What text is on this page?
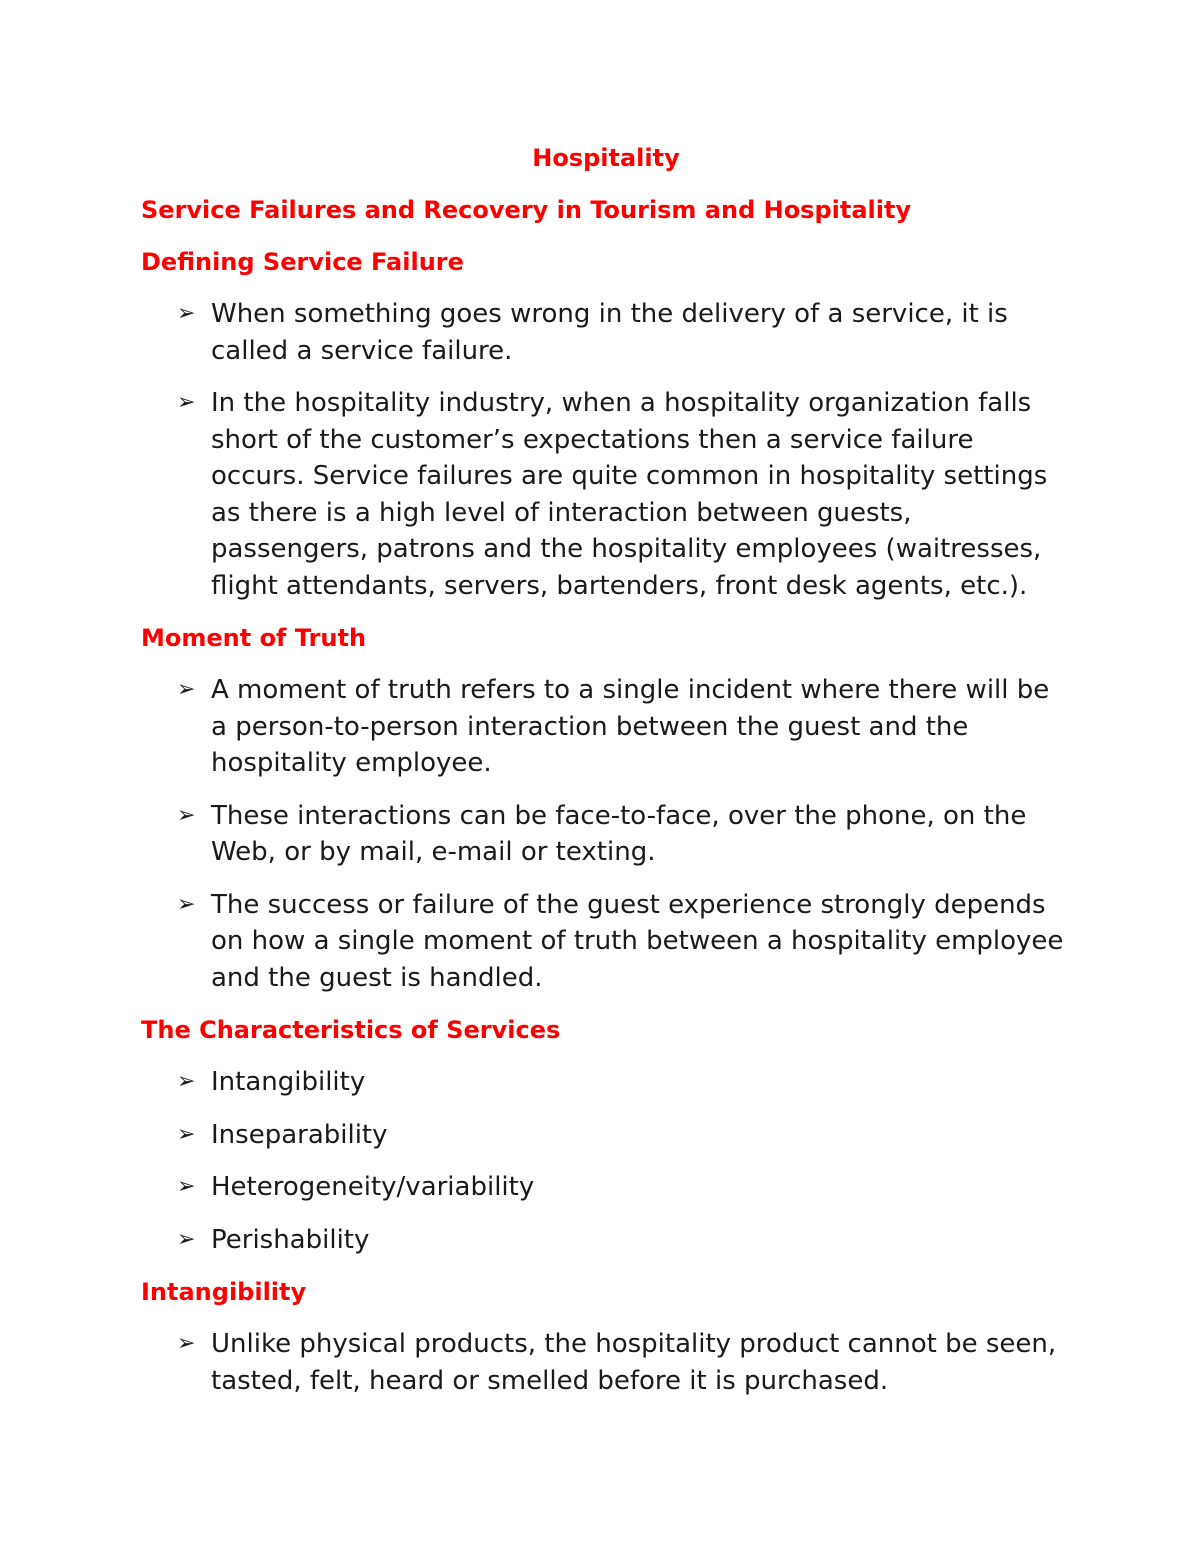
Hospitality
Service Failures and Recovery in Tourism and Hospitality
Defining Service Failure
➢ When something goes wrong in the delivery of a service, it is called a service failure.
➢ In the hospitality industry, when a hospitality organization falls short of the customer’s expectations then a service failure occurs. Service failures are quite common in hospitality settings as there is a high level of interaction between guests, passengers, patrons and the hospitality employees (waitresses, flight attendants, servers, bartenders, front desk agents, etc.).
Moment of Truth
➢ A moment of truth refers to a single incident where there will be a person-to-person interaction between the guest and the hospitality employee.
➢ These interactions can be face-to-face, over the phone, on the Web, or by mail, e-mail or texting.
➢ The success or failure of the guest experience strongly depends on how a single moment of truth between a hospitality employee and the guest is handled.
The Characteristics of Services
➢ Intangibility
➢ Inseparability
➢ Heterogeneity/variability
➢ Perishability
Intangibility
➢ Unlike physical products, the hospitality product cannot be seen, tasted, felt, heard or smelled before it is purchased.
